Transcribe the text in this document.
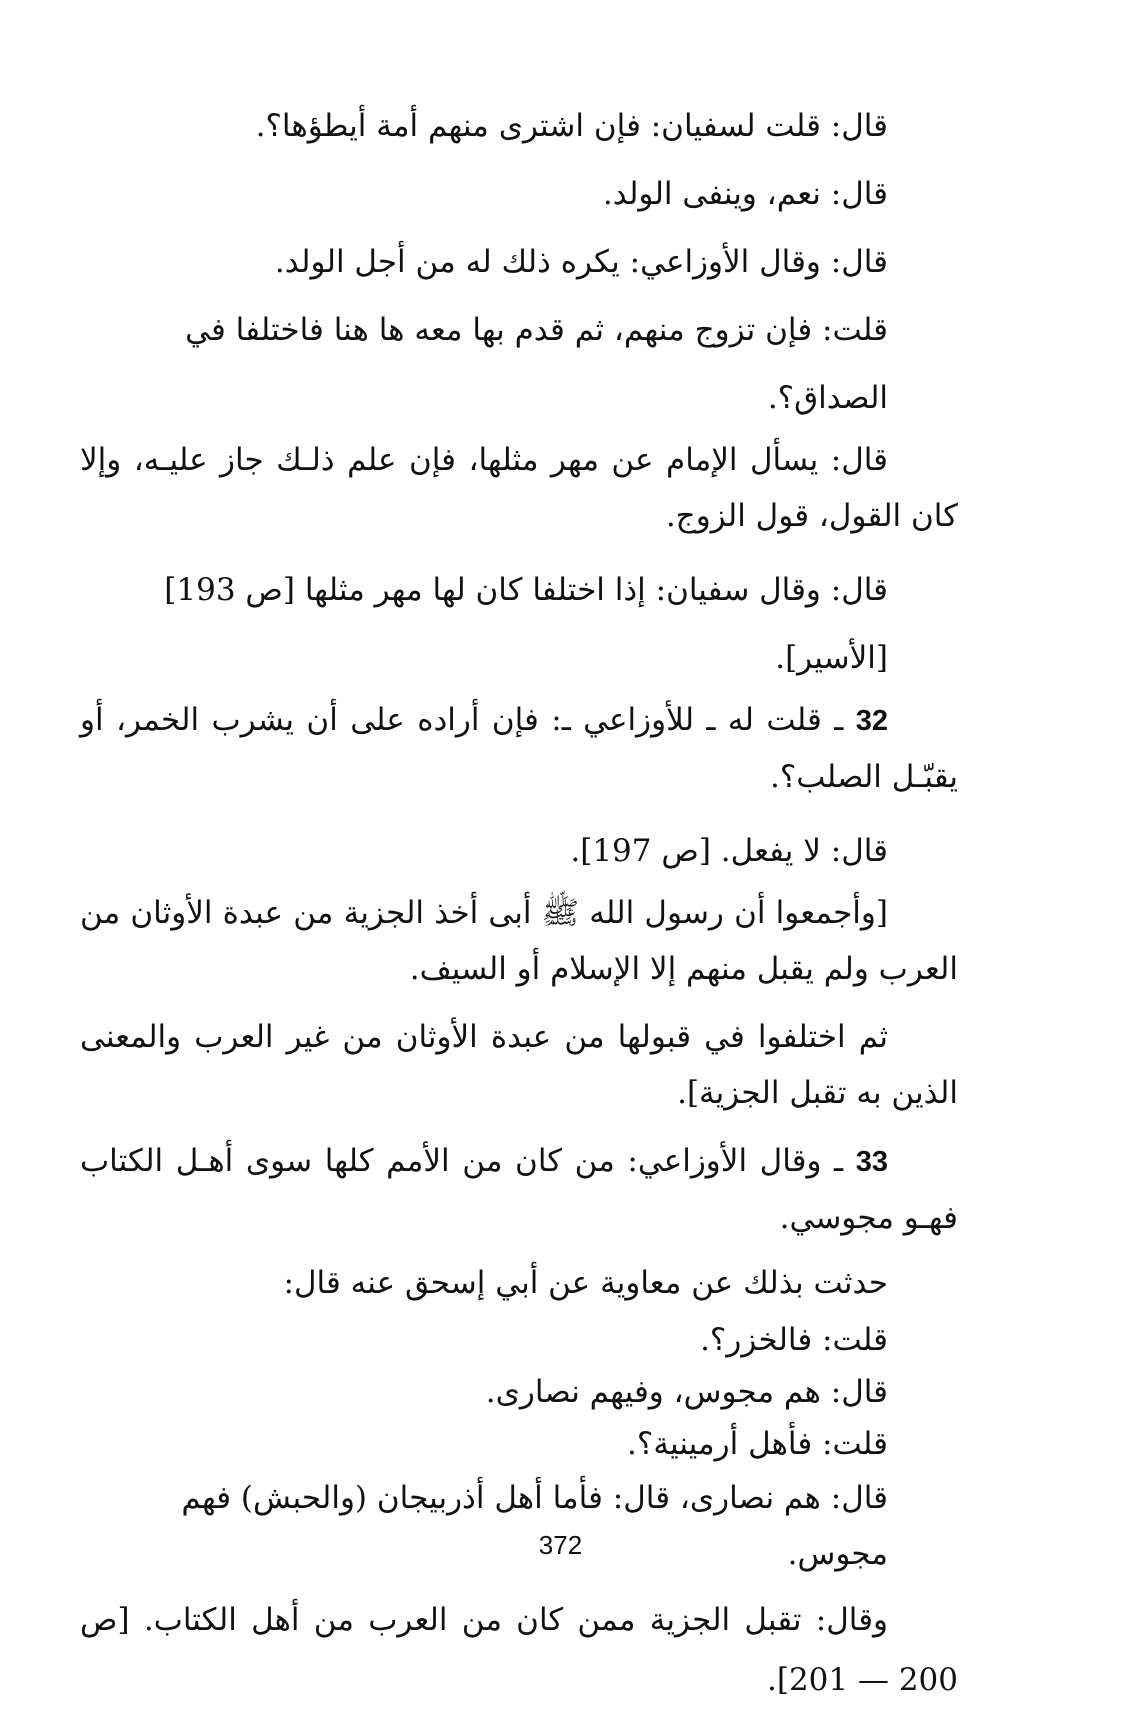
قال: قلت لسفيان: فإن اشترى منهم أمة أيطؤها؟.

قال: نعم، وينفى الولد.

قال: وقال الأوزاعي: يكره ذلك له من أجل الولد.

قلت: فإن تزوج منهم، ثم قدم بها معه ها هنا فاختلفا في الصداق؟.

قال: يسأل الإمام عن مهر مثلها، فإن علم ذلـك جاز عليـه، وإلا كان القول، قول الزوج.

قال: وقال سفيان: إذا اختلفا كان لها مهر مثلها [ص 193] [الأسير].

32 ـ قلت له ـ للأوزاعي ـ: فإن أراده على أن يشرب الخمر، أو يقبّـل الصلب؟.

قال: لا يفعل. [ص 197].

[وأجمعوا أن رسول الله ﷺ أبى أخذ الجزية من عبدة الأوثان من العرب ولم يقبل منهم إلا الإسلام أو السيف.

ثم اختلفوا في قبولها من عبدة الأوثان من غير العرب والمعنى الذين به تقبل الجزية].

33 ـ وقال الأوزاعي: من كان من الأمم كلها سوى أهـل الكتاب فهـو مجوسي.

حدثت بذلك عن معاوية عن أبي إسحق عنه قال:

قلت: فالخزر؟.

قال: هم مجوس، وفيهم نصارى.

قلت: فأهل أرمينية؟.

قال: هم نصارى، قال: فأما أهل أذربيجان (والحبش) فهم مجوس.

وقال: تقبل الجزية ممن كان من العرب من أهل الكتاب. [ص 200 — 201].

372
